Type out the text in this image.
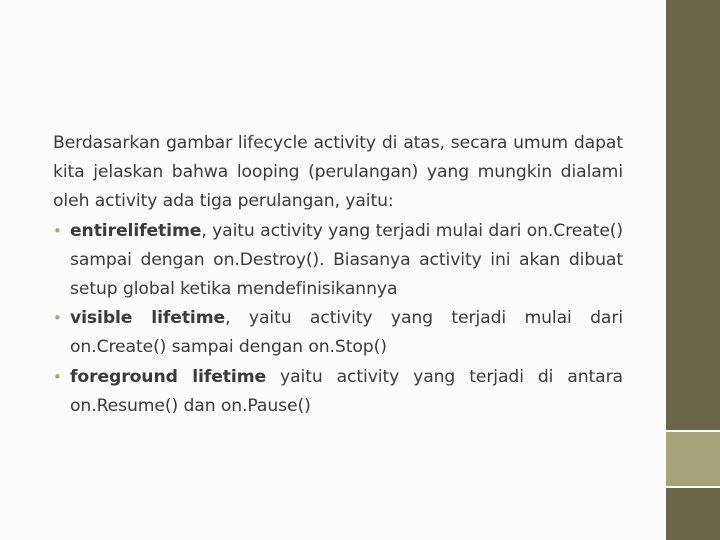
Berdasarkan gambar lifecycle activity di atas, secara umum dapat kita jelaskan bahwa looping (perulangan) yang mungkin dialami oleh activity ada tiga perulangan, yaitu:
• entirelifetime, yaitu activity yang terjadi mulai dari on.Create() sampai dengan on.Destroy(). Biasanya activity ini akan dibuat setup global ketika mendefinisikannya
• visible lifetime, yaitu activity yang terjadi mulai dari on.Create() sampai dengan on.Stop()
• foreground lifetime yaitu activity yang terjadi di antara on.Resume() dan on.Pause()
